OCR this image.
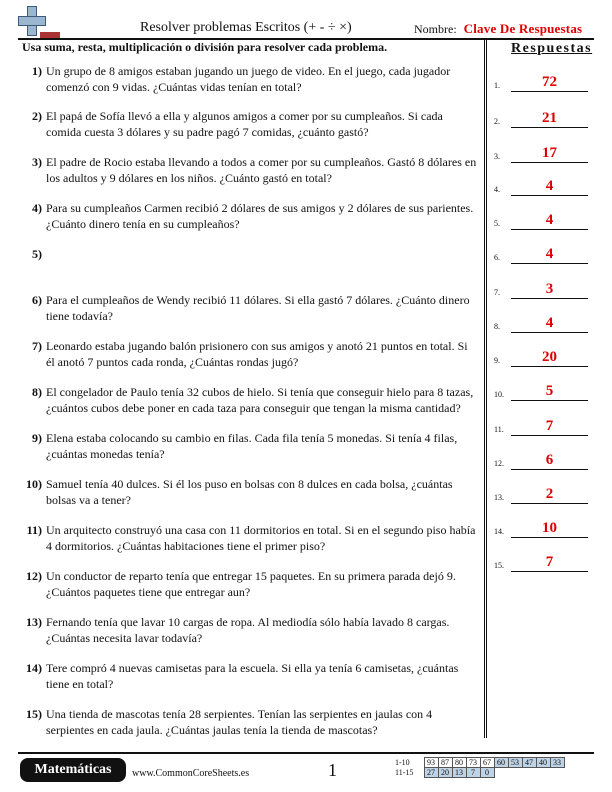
Resolver problemas Escritos (+ - ÷ ×)	Nombre: Clave De Respuestas
Usa suma, resta, multiplicación o división para resolver cada problema.	Respuestas
1) Un grupo de 8 amigos estaban jugando un juego de video. En el juego, cada jugador comenzó con 9 vidas. ¿Cuántas vidas tenían en total?
2) El papá de Sofía llevó a ella y algunos amigos a comer por su cumpleaños. Si cada comida cuesta 3 dólares y su padre pagó 7 comidas, ¿cuánto gastó?
3) El padre de Rocio estaba llevando a todos a comer por su cumpleaños. Gastó 8 dólares en los adultos y 9 dólares en los niños. ¿Cuánto gastó en total?
4) Para su cumpleaños Carmen recibió 2 dólares de sus amigos y 2 dólares de sus parientes. ¿Cuánto dinero tenía en su cumpleaños?
5)
6) Para el cumpleaños de Wendy recibió 11 dólares. Si ella gastó 7 dólares. ¿Cuánto dinero tiene todavía?
7) Leonardo estaba jugando balón prisionero con sus amigos y anotó 21 puntos en total. Si él anotó 7 puntos cada ronda, ¿Cuántas rondas jugó?
8) El congelador de Paulo tenía 32 cubos de hielo. Si tenía que conseguir hielo para 8 tazas, ¿cuántos cubos debe poner en cada taza para conseguir que tengan la misma cantidad?
9) Elena estaba colocando su cambio en filas. Cada fila tenía 5 monedas. Si tenía 4 filas, ¿cuántas monedas tenía?
10) Samuel tenía 40 dulces. Si él los puso en bolsas con 8 dulces en cada bolsa, ¿cuántas bolsas va a tener?
11) Un arquitecto construyó una casa con 11 dormitorios en total. Si en el segundo piso había 4 dormitorios. ¿Cuántas habitaciones tiene el primer piso?
12) Un conductor de reparto tenía que entregar 15 paquetes. En su primera parada dejó 9. ¿Cuántos paquetes tiene que entregar aun?
13) Fernando tenía que lavar 10 cargas de ropa. Al mediodía sólo había lavado 8 cargas. ¿Cuántas necesita lavar todavía?
14) Tere compró 4 nuevas camisetas para la escuela. Si ella ya tenía 6 camisetas, ¿cuántas tiene en total?
15) Una tienda de mascotas tenía 28 serpientes. Tenían las serpientes en jaulas con 4 serpientes en cada jaula. ¿Cuántas jaulas tenía la tienda de mascotas?
1.	72
2.	21
3.	17
4.	4
5.	4
6.	4
7.	3
8.	4
9.	20
10.	5
11.	7
12.	6
13.	2
14.	10
15.	7
Matemáticas	www.CommonCoreSheets.es	1	1-10	93	87	80	73	67	60	53	47	40	33
11-15	27	20	13	7	0					
